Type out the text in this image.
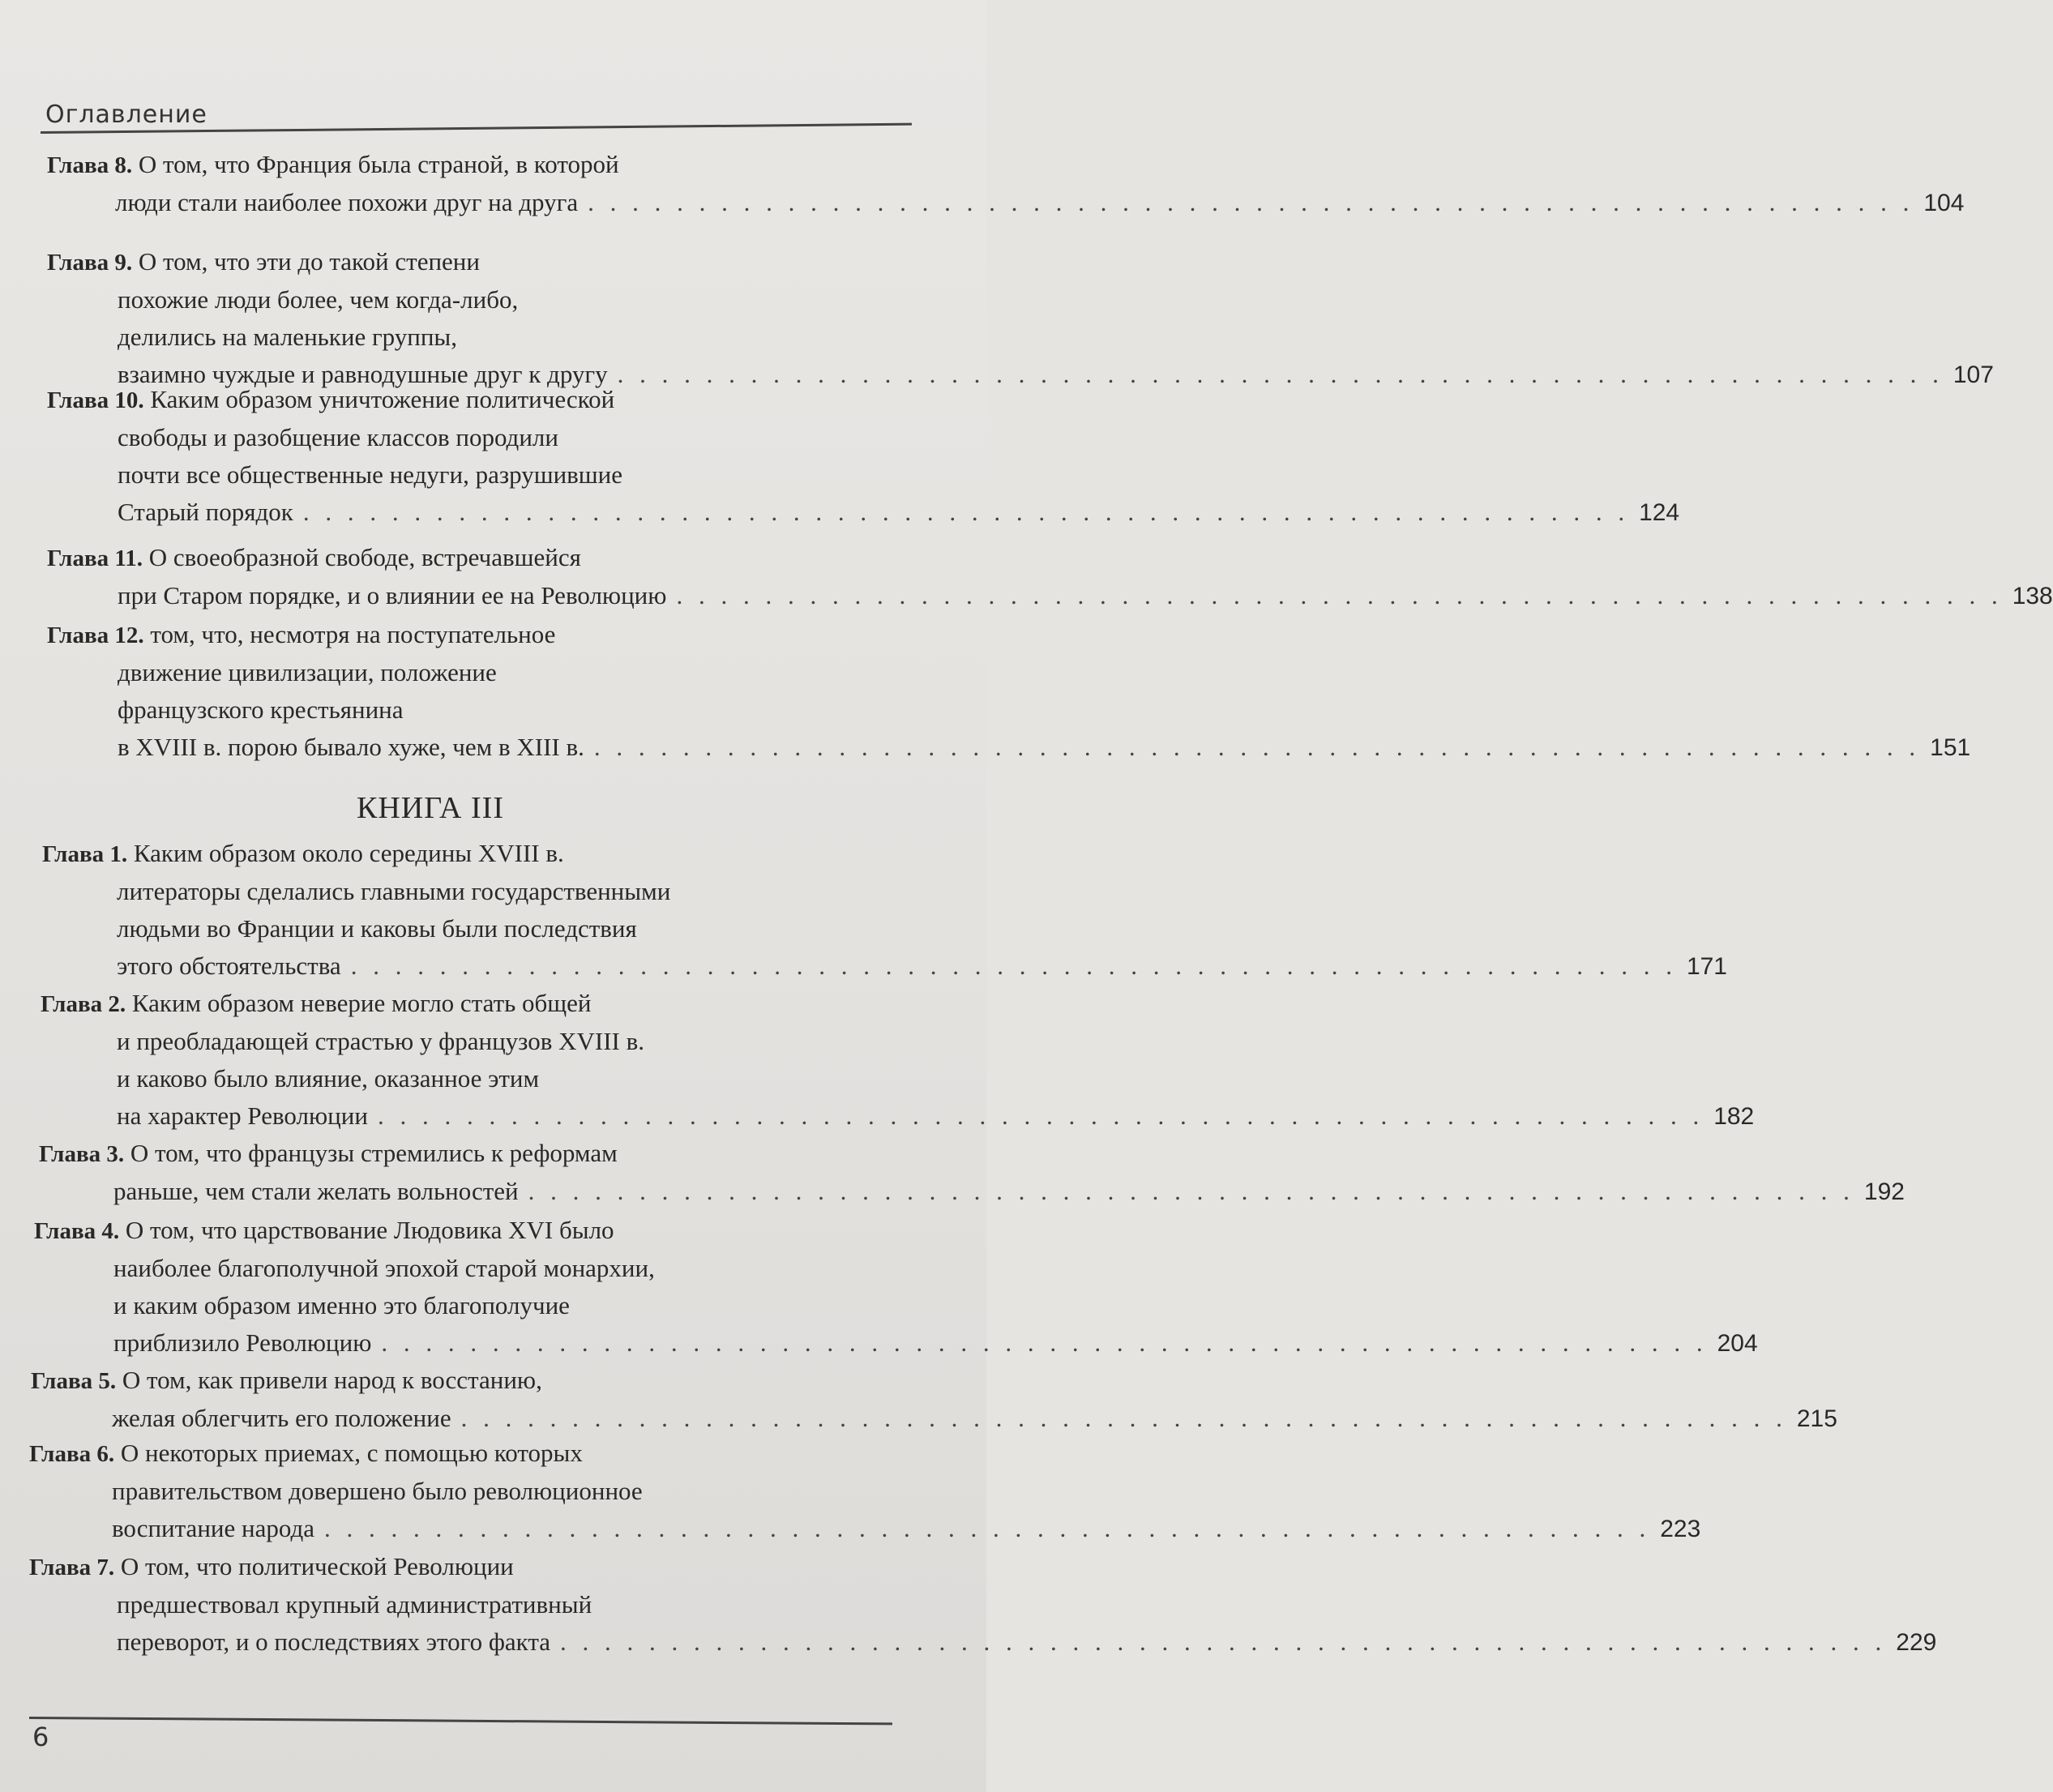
Оглавление
Глава 8. О том, что Франция была страной, в которой
люди стали наиболее похожи друг на друга . . . . . . . . . . . . . . . . . . . . . . . . . . . . . . . . . . . . . . . . . . . . . . . . . . . . . . . . . . . . 104
Глава 9. О том, что эти до такой степени
похожие люди более, чем когда-либо,
делились на маленькие группы,
взаимно чуждые и равнодушные друг к другу . . . . . . . . . . . . . . . . . . . . . . . . . . . . . . . . . . . . . . . . . . . . . . . . . . . . . . . . . . . . 107
Глава 10. Каким образом уничтожение политической
свободы и разобщение классов породили
почти все общественные недуги, разрушившие
Старый порядок . . . . . . . . . . . . . . . . . . . . . . . . . . . . . . . . . . . . . . . . . . . . . . . . . . . . . . . . . . . . 124
Глава 11. О своеобразной свободе, встречавшейся
при Старом порядке, и о влиянии ее на Революцию . . . . . . . . . . . . . . . . . . . . . . . . . . . . . . . . . . . . . . . . . . . . . . . . . . . . . . . . . . . . 138
Глава 12. том, что, несмотря на поступательное
движение цивилизации, положение
французского крестьянина
в XVIII в. порою бывало хуже, чем в XIII в. . . . . . . . . . . . . . . . . . . . . . . . . . . . . . . . . . . . . . . . . . . . . . . . . . . . . . . . . . . . . 151
Глава 1. Каким образом около середины XVIII в.
литераторы сделались главными государственными
людьми во Франции и каковы были последствия
этого обстоятельства . . . . . . . . . . . . . . . . . . . . . . . . . . . . . . . . . . . . . . . . . . . . . . . . . . . . . . . . . . . . 171
Глава 2. Каким образом неверие могло стать общей
и преобладающей страстью у французов XVIII в.
и каково было влияние, оказанное этим
на характер Революции . . . . . . . . . . . . . . . . . . . . . . . . . . . . . . . . . . . . . . . . . . . . . . . . . . . . . . . . . . . . 182
Глава 3. О том, что французы стремились к реформам
раньше, чем стали желать вольностей . . . . . . . . . . . . . . . . . . . . . . . . . . . . . . . . . . . . . . . . . . . . . . . . . . . . . . . . . . . . 192
Глава 4. О том, что царствование Людовика XVI было
наиболее благополучной эпохой старой монархии,
и каким образом именно это благополучие
приблизило Революцию . . . . . . . . . . . . . . . . . . . . . . . . . . . . . . . . . . . . . . . . . . . . . . . . . . . . . . . . . . . . 204
Глава 5. О том, как привели народ к восстанию,
желая облегчить его положение . . . . . . . . . . . . . . . . . . . . . . . . . . . . . . . . . . . . . . . . . . . . . . . . . . . . . . . . . . . . 215
Глава 6. О некоторых приемах, с помощью которых
правительством довершено было революционное
воспитание народа . . . . . . . . . . . . . . . . . . . . . . . . . . . . . . . . . . . . . . . . . . . . . . . . . . . . . . . . . . . . 223
Глава 7. О том, что политической Революции
предшествовал крупный административный
переворот, и о последствиях этого факта . . . . . . . . . . . . . . . . . . . . . . . . . . . . . . . . . . . . . . . . . . . . . . . . . . . . . . . . . . . . 229
КНИГА III
6
